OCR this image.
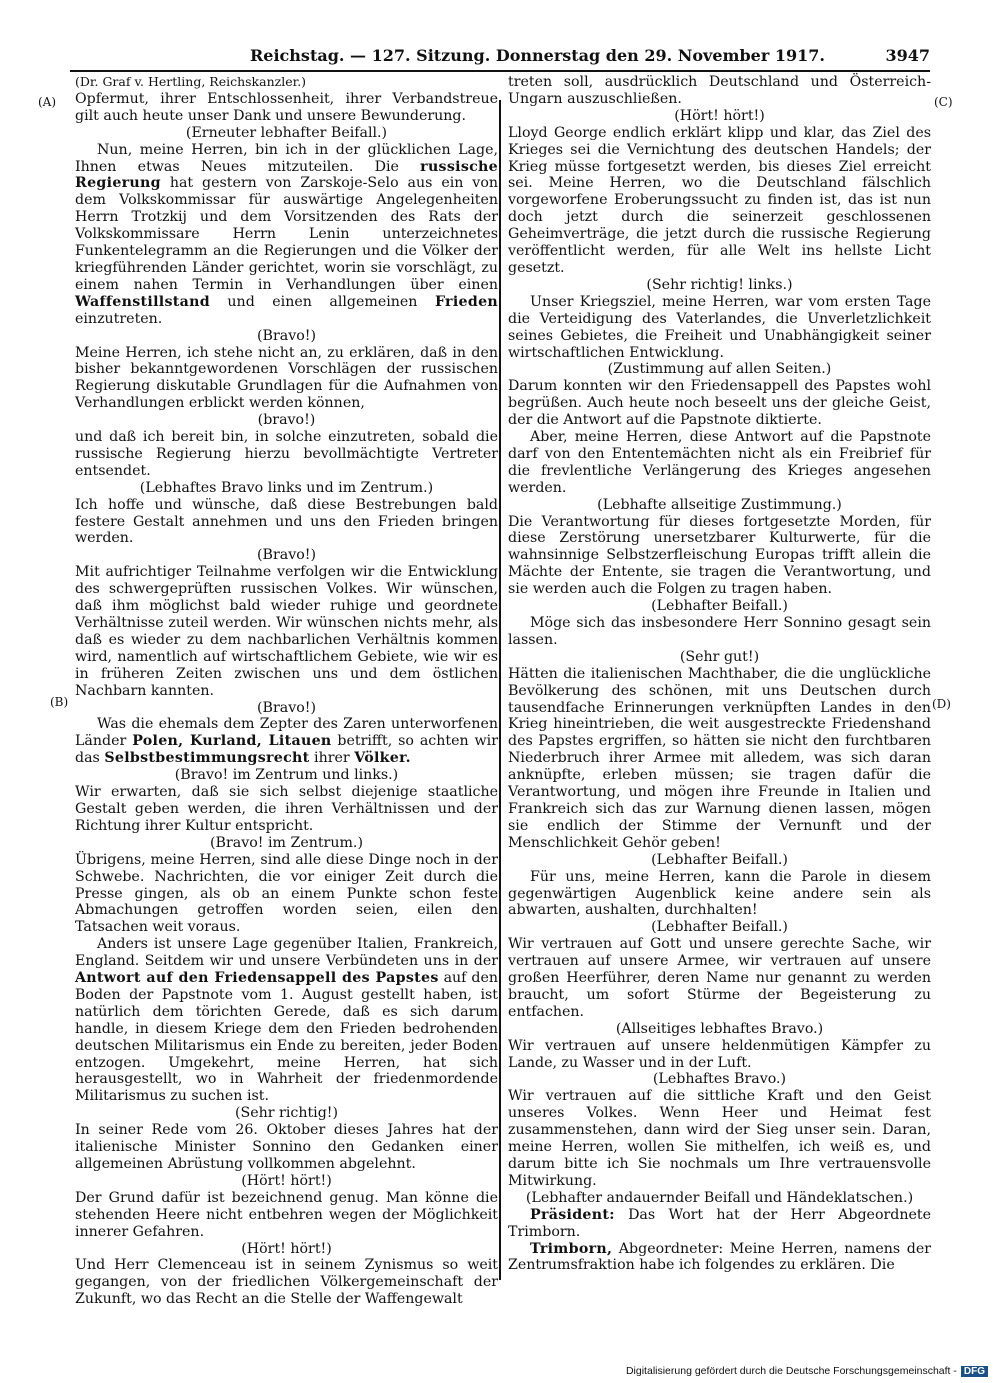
Reichstag. — 127. Sitzung. Donnerstag den 29. November 1917.	3947
(A)
(B)
(C)
(D)

(Dr. Graf v. Hertling, Reichskanzler.)

Opfermut, ihrer Entschlossenheit, ihrer Verbandstreue gilt auch heute unser Dank und unsere Bewunderung.

(Erneuter lebhafter Beifall.)

Nun, meine Herren, bin ich in der glücklichen Lage, Ihnen etwas Neues mitzuteilen. Die russische Regierung hat gestern von Zarskoje-Selo aus ein von dem Volkskommissar für auswärtige Angelegenheiten Herrn Trotzkij und dem Vorsitzenden des Rats der Volkskommissare Herrn Lenin unterzeichnetes Funkentelegramm an die Regierungen und die Völker der kriegführenden Länder gerichtet, worin sie vorschlägt, zu einem nahen Termin in Verhandlungen über einen Waffenstillstand und einen allgemeinen Frieden einzutreten.

(Bravo!)

Meine Herren, ich stehe nicht an, zu erklären, daß in den bisher bekanntgewordenen Vorschlägen der russischen Regierung diskutable Grundlagen für die Aufnahmen von Verhandlungen erblickt werden können,

(bravo!)

und daß ich bereit bin, in solche einzutreten, sobald die russische Regierung hierzu bevollmächtigte Vertreter entsendet.

(Lebhaftes Bravo links und im Zentrum.)

Ich hoffe und wünsche, daß diese Bestrebungen bald festere Gestalt annehmen und uns den Frieden bringen werden.

(Bravo!)

Mit aufrichtiger Teilnahme verfolgen wir die Entwicklung des schwergeprüften russischen Volkes. Wir wünschen, daß ihm möglichst bald wieder ruhige und geordnete Verhältnisse zuteil werden. Wir wünschen nichts mehr, als daß es wieder zu dem nachbarlichen Verhältnis kommen wird, namentlich auf wirtschaftlichem Gebiete, wie wir es in früheren Zeiten zwischen uns und dem östlichen Nachbarn kannten.

(Bravo!)

Was die ehemals dem Zepter des Zaren unterworfenen Länder Polen, Kurland, Litauen betrifft, so achten wir das Selbstbestimmungsrecht ihrer Völker.

(Bravo! im Zentrum und links.)

Wir erwarten, daß sie sich selbst diejenige staatliche Gestalt geben werden, die ihren Verhältnissen und der Richtung ihrer Kultur entspricht.

(Bravo! im Zentrum.)

Übrigens, meine Herren, sind alle diese Dinge noch in der Schwebe. Nachrichten, die vor einiger Zeit durch die Presse gingen, als ob an einem Punkte schon feste Abmachungen getroffen worden seien, eilen den Tatsachen weit voraus.

Anders ist unsere Lage gegenüber Italien, Frankreich, England. Seitdem wir und unsere Verbündeten uns in der Antwort auf den Friedensappell des Papstes auf den Boden der Papstnote vom 1. August gestellt haben, ist natürlich dem törichten Gerede, daß es sich darum handle, in diesem Kriege dem den Frieden bedrohenden deutschen Militarismus ein Ende zu bereiten, jeder Boden entzogen. Umgekehrt, meine Herren, hat sich herausgestellt, wo in Wahrheit der friedenmordende Militarismus zu suchen ist.

(Sehr richtig!)

In seiner Rede vom 26. Oktober dieses Jahres hat der italienische Minister Sonnino den Gedanken einer allgemeinen Abrüstung vollkommen abgelehnt.

(Hört! hört!)

Der Grund dafür ist bezeichnend genug. Man könne die stehenden Heere nicht entbehren wegen der Möglichkeit innerer Gefahren.

(Hört! hört!)

Und Herr Clemenceau ist in seinem Zynismus so weit gegangen, von der friedlichen Völkergemeinschaft der Zukunft, wo das Recht an die Stelle der Waffengewalt

treten soll, ausdrücklich Deutschland und Österreich-Ungarn auszuschließen.

(Hört! hört!)

Lloyd George endlich erklärt klipp und klar, das Ziel des Krieges sei die Vernichtung des deutschen Handels; der Krieg müsse fortgesetzt werden, bis dieses Ziel erreicht sei. Meine Herren, wo die Deutschland fälschlich vorgeworfene Eroberungssucht zu finden ist, das ist nun doch jetzt durch die seinerzeit geschlossenen Geheimverträge, die jetzt durch die russische Regierung veröffentlicht werden, für alle Welt ins hellste Licht gesetzt.

(Sehr richtig! links.)

Unser Kriegsziel, meine Herren, war vom ersten Tage die Verteidigung des Vaterlandes, die Unverletzlichkeit seines Gebietes, die Freiheit und Unabhängigkeit seiner wirtschaftlichen Entwicklung.

(Zustimmung auf allen Seiten.)

Darum konnten wir den Friedensappell des Papstes wohl begrüßen. Auch heute noch beseelt uns der gleiche Geist, der die Antwort auf die Papstnote diktierte.

Aber, meine Herren, diese Antwort auf die Papstnote darf von den Ententemächten nicht als ein Freibrief für die frevlentliche Verlängerung des Krieges angesehen werden.

(Lebhafte allseitige Zustimmung.)

Die Verantwortung für dieses fortgesetzte Morden, für diese Zerstörung unersetzbarer Kulturwerte, für die wahnsinnige Selbstzerfleischung Europas trifft allein die Mächte der Entente, sie tragen die Verantwortung, und sie werden auch die Folgen zu tragen haben.

(Lebhafter Beifall.)

Möge sich das insbesondere Herr Sonnino gesagt sein lassen.

(Sehr gut!)

Hätten die italienischen Machthaber, die die unglückliche Bevölkerung des schönen, mit uns Deutschen durch tausendfache Erinnerungen verknüpften Landes in den Krieg hineintrieben, die weit ausgestreckte Friedenshand des Papstes ergriffen, so hätten sie nicht den furchtbaren Niederbruch ihrer Armee mit alledem, was sich daran anknüpfte, erleben müssen; sie tragen dafür die Verantwortung, und mögen ihre Freunde in Italien und Frankreich sich das zur Warnung dienen lassen, mögen sie endlich der Stimme der Vernunft und der Menschlichkeit Gehör geben!

(Lebhafter Beifall.)

Für uns, meine Herren, kann die Parole in diesem gegenwärtigen Augenblick keine andere sein als abwarten, aushalten, durchhalten!

(Lebhafter Beifall.)

Wir vertrauen auf Gott und unsere gerechte Sache, wir vertrauen auf unsere Armee, wir vertrauen auf unsere großen Heerführer, deren Name nur genannt zu werden braucht, um sofort Stürme der Begeisterung zu entfachen.

(Allseitiges lebhaftes Bravo.)

Wir vertrauen auf unsere heldenmütigen Kämpfer zu Lande, zu Wasser und in der Luft.

(Lebhaftes Bravo.)

Wir vertrauen auf die sittliche Kraft und den Geist unseres Volkes. Wenn Heer und Heimat fest zusammenstehen, dann wird der Sieg unser sein. Daran, meine Herren, wollen Sie mithelfen, ich weiß es, und darum bitte ich Sie nochmals um Ihre vertrauensvolle Mitwirkung.

(Lebhafter andauernder Beifall und Händeklatschen.)

Präsident: Das Wort hat der Herr Abgeordnete Trimborn.

Trimborn, Abgeordneter: Meine Herren, namens der Zentrumsfraktion habe ich folgendes zu erklären. Die

Digitalisierung gefördert durch die Deutsche Forschungsgemeinschaft - DFG
